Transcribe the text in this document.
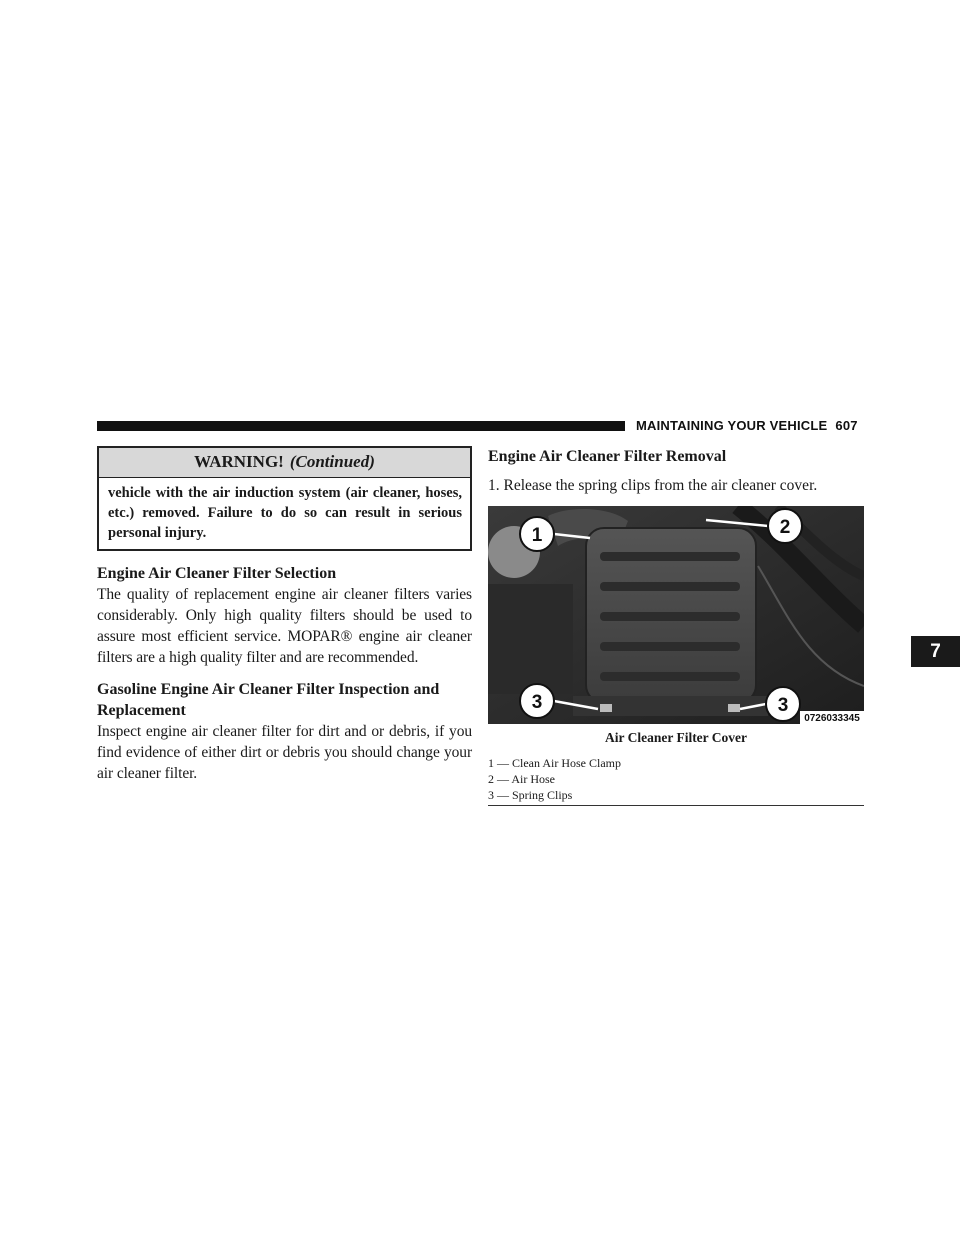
MAINTAINING YOUR VEHICLE 607
7
WARNING! (Continued)
vehicle with the air induction system (air cleaner, hoses, etc.) removed. Failure to do so can result in serious personal injury.
Engine Air Cleaner Filter Selection

The quality of replacement engine air cleaner filters varies considerably. Only high quality filters should be used to assure most efficient service. MOPAR® engine air cleaner filters are a high quality filter and are recommended.

Gasoline Engine Air Cleaner Filter Inspection and Replacement

Inspect engine air cleaner filter for dirt and or debris, if you find evidence of either dirt or debris you should change your air cleaner filter.

Engine Air Cleaner Filter Removal

1. Release the spring clips from the air cleaner cover.

1	2
3	3
0726033345
Air Cleaner Filter Cover
1 — Clean Air Hose Clamp
2 — Air Hose
3 — Spring Clips
